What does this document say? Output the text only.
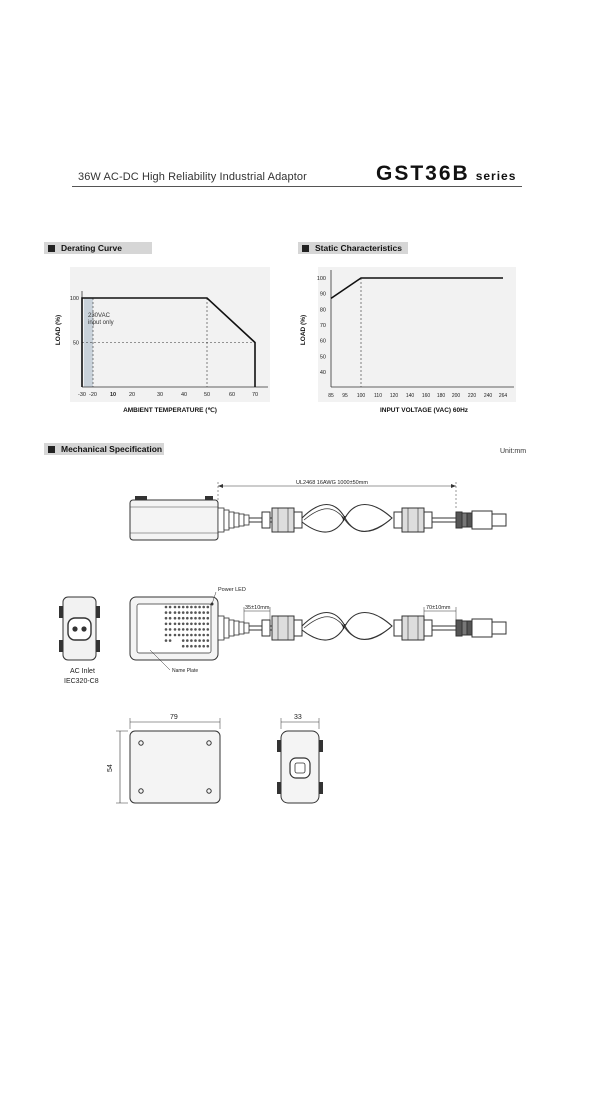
36W AC-DC High Reliability Industrial Adaptor	GST36B series
Derating Curve	Static Characteristics
Mechanical Specification	Unit:mm
-30 -20 10 20	30	40	50	60	70
100
50
230VAC
input only
AMBIENT TEMPERATURE (℃)
LOAD (%)
85 95 100 110 120 140 160 180 200 220 240 264
100
90
80
70
60
50
40
INPUT VOLTAGE (VAC) 60Hz
LOAD (%)
UL2468 16AWG 1000±50mm
Y
AC Inlet
IEC320-C8
Power LED
Name Plate
35±10mm	70±10mm
Y
79
54
33
